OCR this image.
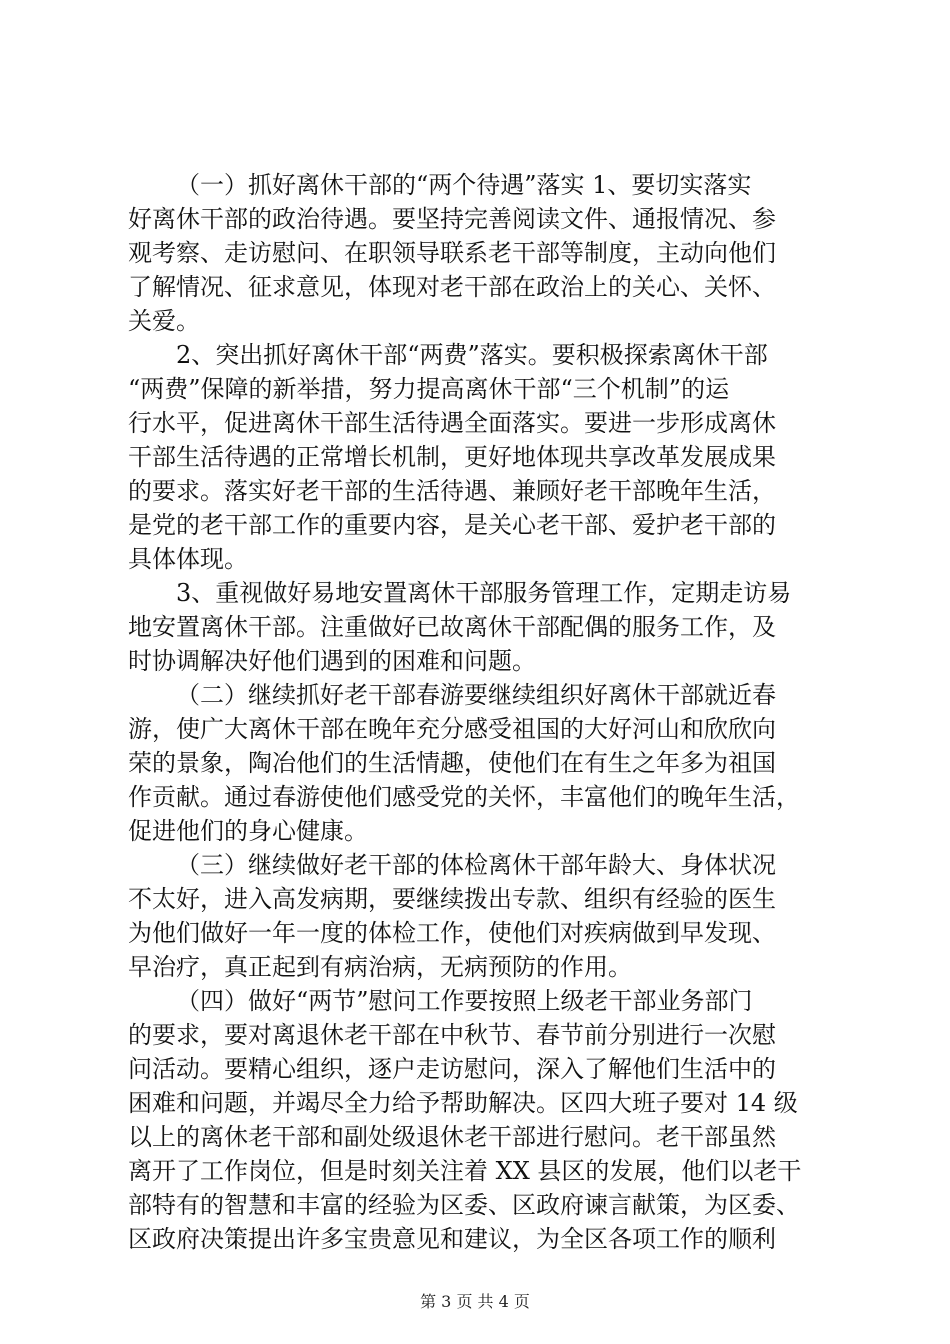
（一）抓好离休干部的“两个待遇”落实 1、要切实落实
好离休干部的政治待遇。要坚持完善阅读文件、通报情况、参
观考察、走访慰问、在职领导联系老干部等制度，主动向他们
了解情况、征求意见，体现对老干部在政治上的关心、关怀、
关爱。
2、突出抓好离休干部“两费”落实。要积极探索离休干部
“两费”保障的新举措，努力提高离休干部“三个机制”的运
行水平，促进离休干部生活待遇全面落实。要进一步形成离休
干部生活待遇的正常增长机制，更好地体现共享改革发展成果
的要求。落实好老干部的生活待遇、兼顾好老干部晚年生活，
是党的老干部工作的重要内容，是关心老干部、爱护老干部的
具体体现。
3、重视做好易地安置离休干部服务管理工作，定期走访易
地安置离休干部。注重做好已故离休干部配偶的服务工作，及
时协调解决好他们遇到的困难和问题。
（二）继续抓好老干部春游要继续组织好离休干部就近春
游，使广大离休干部在晚年充分感受祖国的大好河山和欣欣向
荣的景象，陶冶他们的生活情趣，使他们在有生之年多为祖国
作贡献。通过春游使他们感受党的关怀，丰富他们的晚年生活，
促进他们的身心健康。
（三）继续做好老干部的体检离休干部年龄大、身体状况
不太好，进入高发病期，要继续拨出专款、组织有经验的医生
为他们做好一年一度的体检工作，使他们对疾病做到早发现、
早治疗，真正起到有病治病，无病预防的作用。
（四）做好“两节”慰问工作要按照上级老干部业务部门
的要求，要对离退休老干部在中秋节、春节前分别进行一次慰
问活动。要精心组织，逐户走访慰问，深入了解他们生活中的
困难和问题，并竭尽全力给予帮助解决。区四大班子要对 14 级
以上的离休老干部和副处级退休老干部进行慰问。老干部虽然
离开了工作岗位，但是时刻关注着 XX 县区的发展，他们以老干
部特有的智慧和丰富的经验为区委、区政府谏言献策，为区委、
区政府决策提出许多宝贵意见和建议，为全区各项工作的顺利
第 3 页 共 4 页
